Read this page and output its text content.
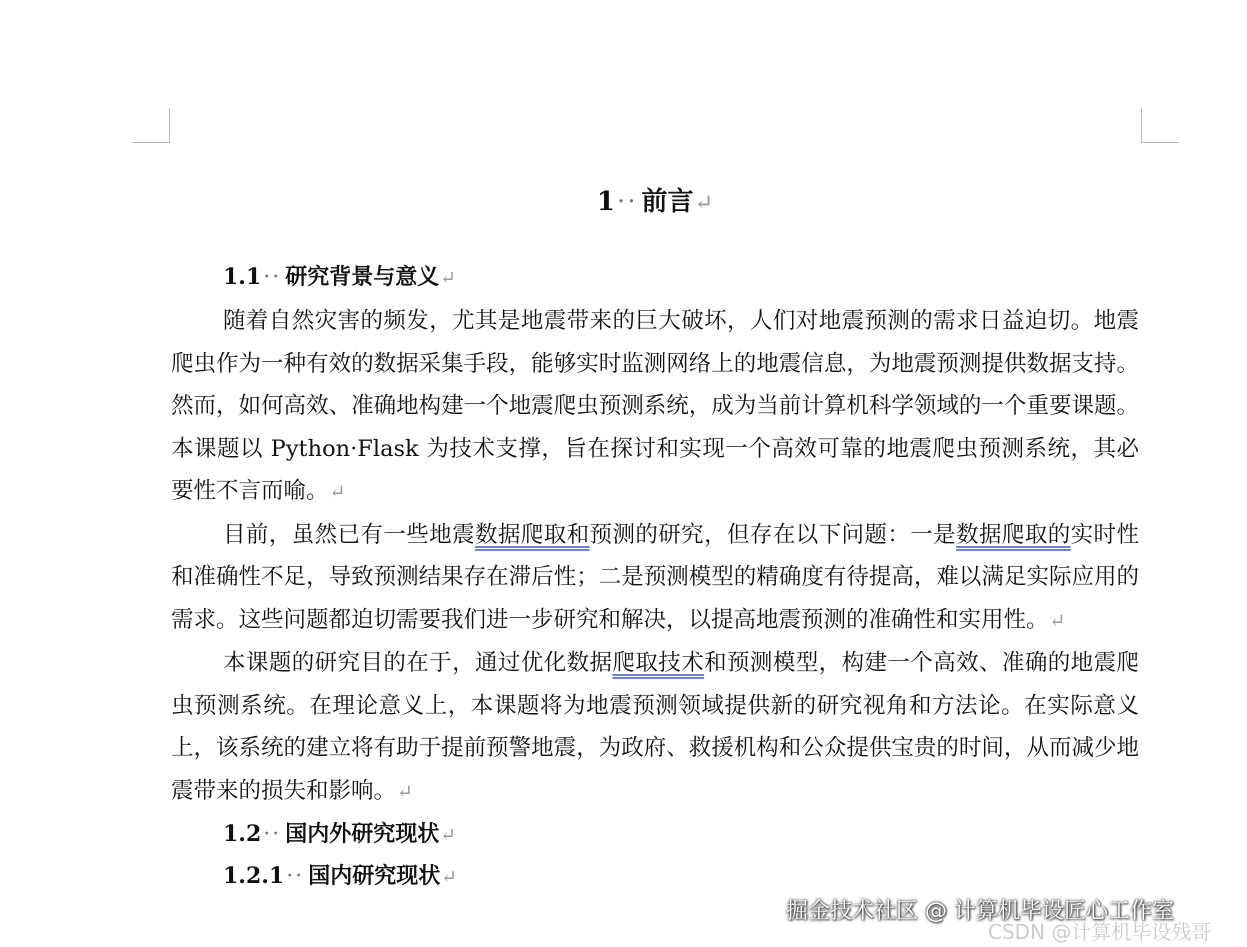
1·· 前言↵
1.1·· 研究背景与意义↵

随着自然灾害的频发，尤其是地震带来的巨大破坏，人们对地震预测的需求日益迫切。地震爬虫作为一种有效的数据采集手段，能够实时监测网络上的地震信息，为地震预测提供数据支持。然而，如何高效、准确地构建一个地震爬虫预测系统，成为当前计算机科学领域的一个重要课题。本课题以 Python·Flask 为技术支撑，旨在探讨和实现一个高效可靠的地震爬虫预测系统，其必要性不言而喻。↵

目前，虽然已有一些地震数据爬取和预测的研究，但存在以下问题：一是数据爬取的实时性和准确性不足，导致预测结果存在滞后性；二是预测模型的精确度有待提高，难以满足实际应用的需求。这些问题都迫切需要我们进一步研究和解决，以提高地震预测的准确性和实用性。↵

本课题的研究目的在于，通过优化数据爬取技术和预测模型，构建一个高效、准确的地震爬虫预测系统。在理论意义上，本课题将为地震预测领域提供新的研究视角和方法论。在实际意义上，该系统的建立将有助于提前预警地震，为政府、救援机构和公众提供宝贵的时间，从而减少地震带来的损失和影响。↵

1.2·· 国内外研究现状↵
1.2.1·· 国内研究现状↵
CSDN @计算机毕设残哥
掘金技术社区 @ 计算机毕设匠心工作室
